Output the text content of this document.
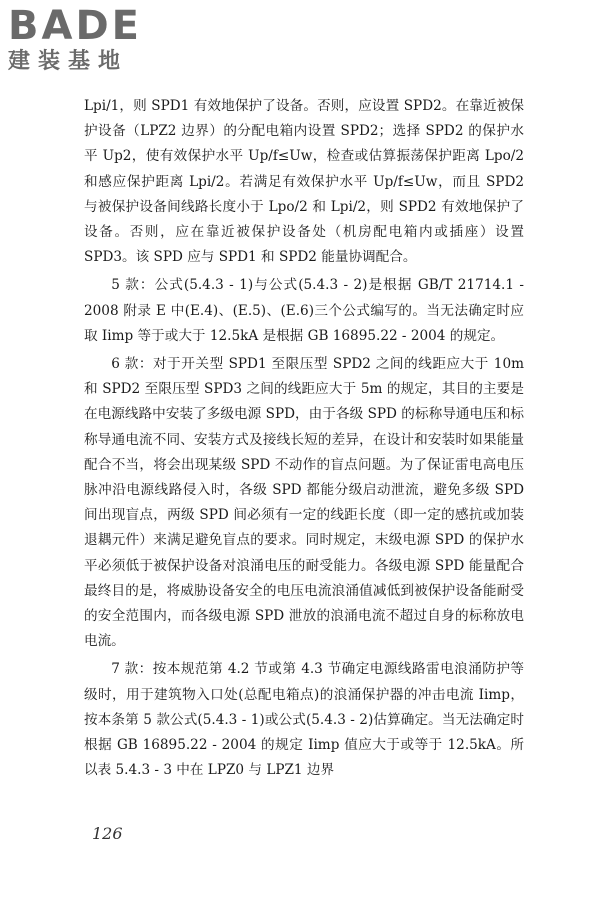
BADE
建装基地

Lpi/1，则 SPD1 有效地保护了设备。否则，应设置 SPD2。在靠近被保护设备（LPZ2 边界）的分配电箱内设置 SPD2；选择 SPD2 的保护水平 Up2，使有效保护水平 Up/f≤Uw，检查或估算振荡保护距离 Lpo/2 和感应保护距离 Lpi/2。若满足有效保护水平 Up/f≤Uw，而且 SPD2 与被保护设备间线路长度小于 Lpo/2 和 Lpi/2，则 SPD2 有效地保护了设备。否则，应在靠近被保护设备处（机房配电箱内或插座）设置 SPD3。该 SPD 应与 SPD1 和 SPD2 能量协调配合。

5 款：公式(5.4.3 - 1)与公式(5.4.3 - 2)是根据 GB/T 21714.1 - 2008 附录 E 中(E.4)、(E.5)、(E.6)三个公式编写的。当无法确定时应取 Iimp 等于或大于 12.5kA 是根据 GB 16895.22 - 2004 的规定。

6 款：对于开关型 SPD1 至限压型 SPD2 之间的线距应大于 10m 和 SPD2 至限压型 SPD3 之间的线距应大于 5m 的规定，其目的主要是在电源线路中安装了多级电源 SPD，由于各级 SPD 的标称导通电压和标称导通电流不同、安装方式及接线长短的差异，在设计和安装时如果能量配合不当，将会出现某级 SPD 不动作的盲点问题。为了保证雷电高电压脉冲沿电源线路侵入时，各级 SPD 都能分级启动泄流，避免多级 SPD 间出现盲点，两级 SPD 间必须有一定的线距长度（即一定的感抗或加装退耦元件）来满足避免盲点的要求。同时规定，末级电源 SPD 的保护水平必须低于被保护设备对浪涌电压的耐受能力。各级电源 SPD 能量配合最终目的是，将威胁设备安全的电压电流浪涌值减低到被保护设备能耐受的安全范围内，而各级电源 SPD 泄放的浪涌电流不超过自身的标称放电电流。

7 款：按本规范第 4.2 节或第 4.3 节确定电源线路雷电浪涌防护等级时，用于建筑物入口处(总配电箱点)的浪涌保护器的冲击电流 Iimp，按本条第 5 款公式(5.4.3 - 1)或公式(5.4.3 - 2)估算确定。当无法确定时根据 GB 16895.22 - 2004 的规定 Iimp 值应大于或等于 12.5kA。所以表 5.4.3 - 3 中在 LPZ0 与 LPZ1 边界

126
